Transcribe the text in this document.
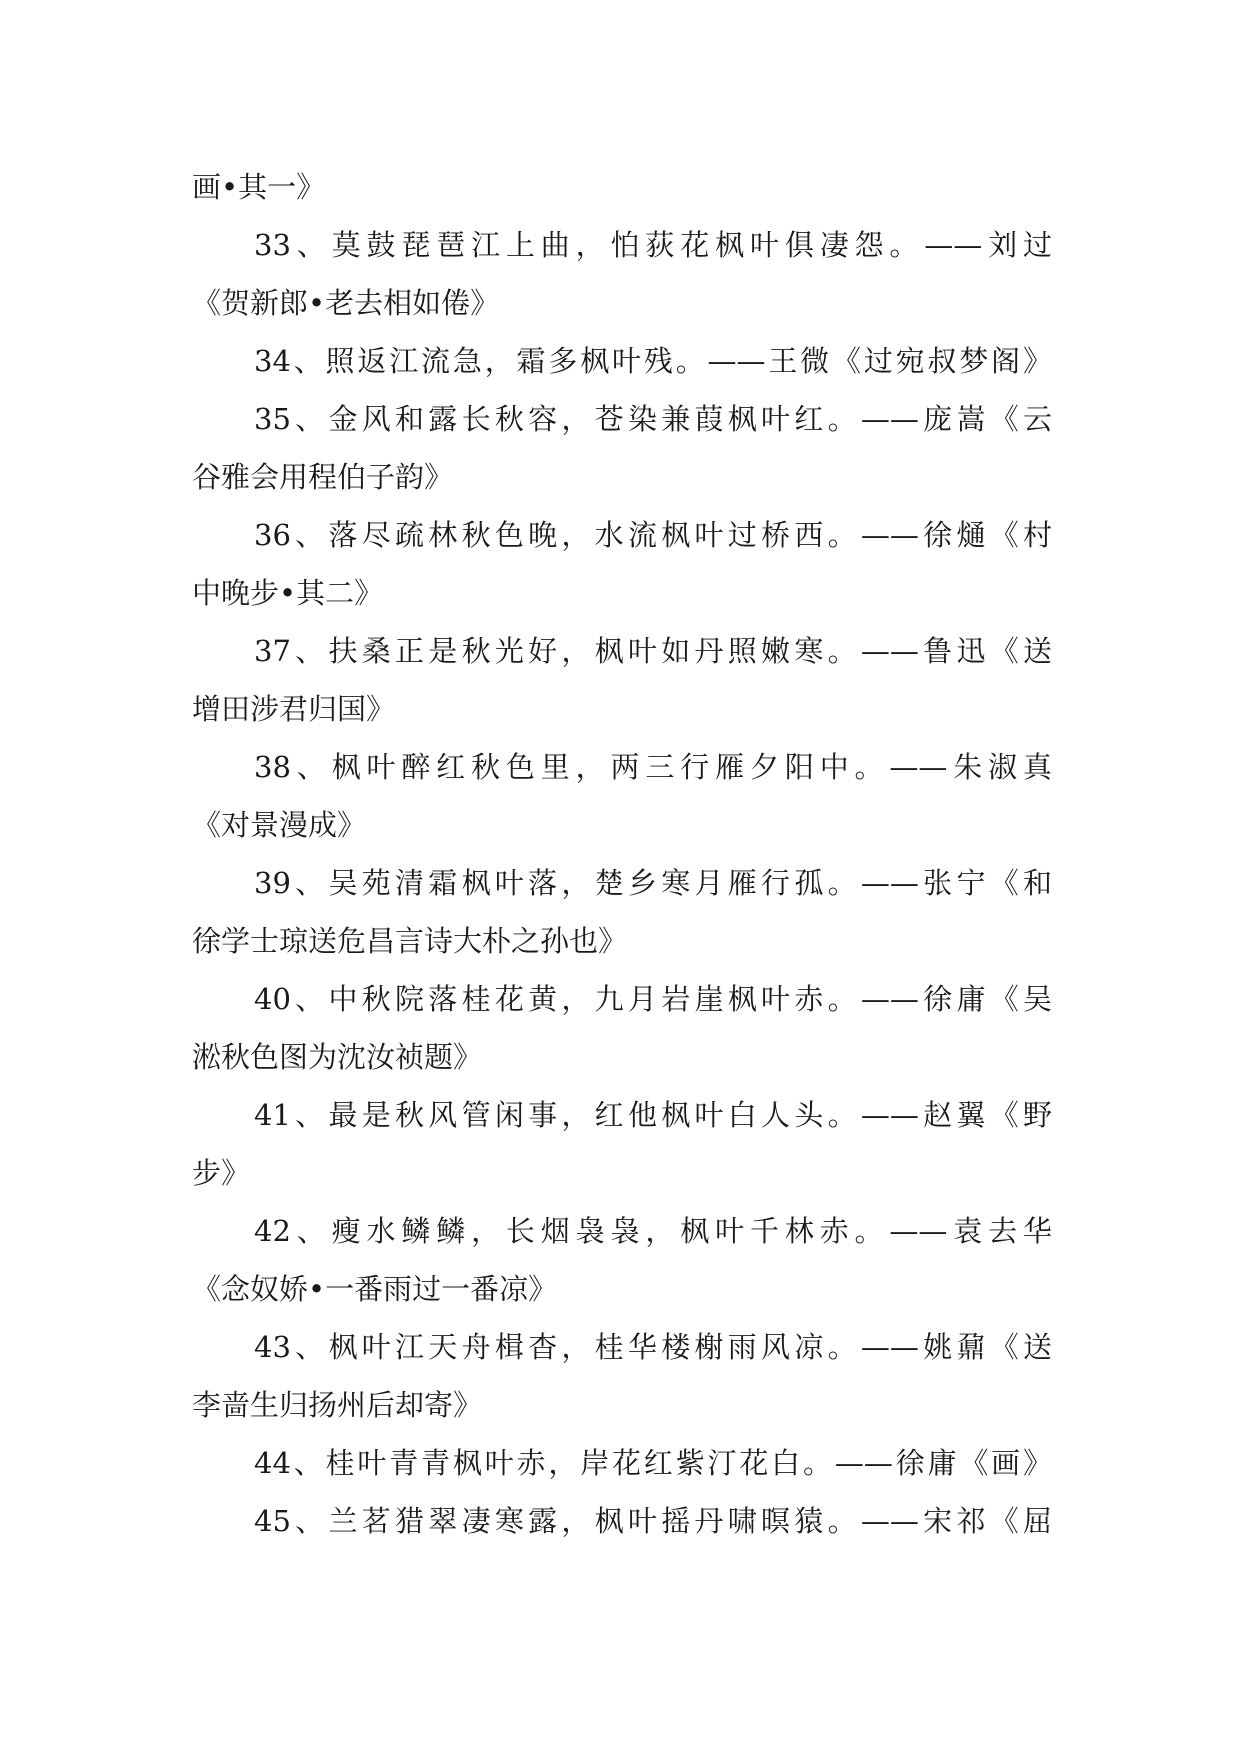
画•其一》
33、莫鼓琵琶江上曲，怕荻花枫叶俱凄怨。——刘过
《贺新郎•老去相如倦》
34、照返江流急，霜多枫叶残。——王微《过宛叔梦阁》
35、金风和露长秋容，苍染兼葭枫叶红。——庞嵩《云
谷雅会用程伯子韵》
36、落尽疏林秋色晚，水流枫叶过桥西。——徐熥《村
中晚步•其二》
37、扶桑正是秋光好，枫叶如丹照嫩寒。——鲁迅《送
增田涉君归国》
38、枫叶醉红秋色里，两三行雁夕阳中。——朱淑真
《对景漫成》
39、吴苑清霜枫叶落，楚乡寒月雁行孤。——张宁《和
徐学士琼送危昌言诗大朴之孙也》
40、中秋院落桂花黄，九月岩崖枫叶赤。——徐庸《吴
淞秋色图为沈汝祯题》
41、最是秋风管闲事，红他枫叶白人头。——赵翼《野
步》
42、瘦水鳞鳞，长烟袅袅，枫叶千林赤。——袁去华
《念奴娇•一番雨过一番凉》
43、枫叶江天舟楫杳，桂华楼榭雨风凉。——姚鼐《送
李啬生归扬州后却寄》
44、桂叶青青枫叶赤，岸花红紫汀花白。——徐庸《画》
45、兰茗猎翠凄寒露，枫叶摇丹啸暝猿。——宋祁《屈
